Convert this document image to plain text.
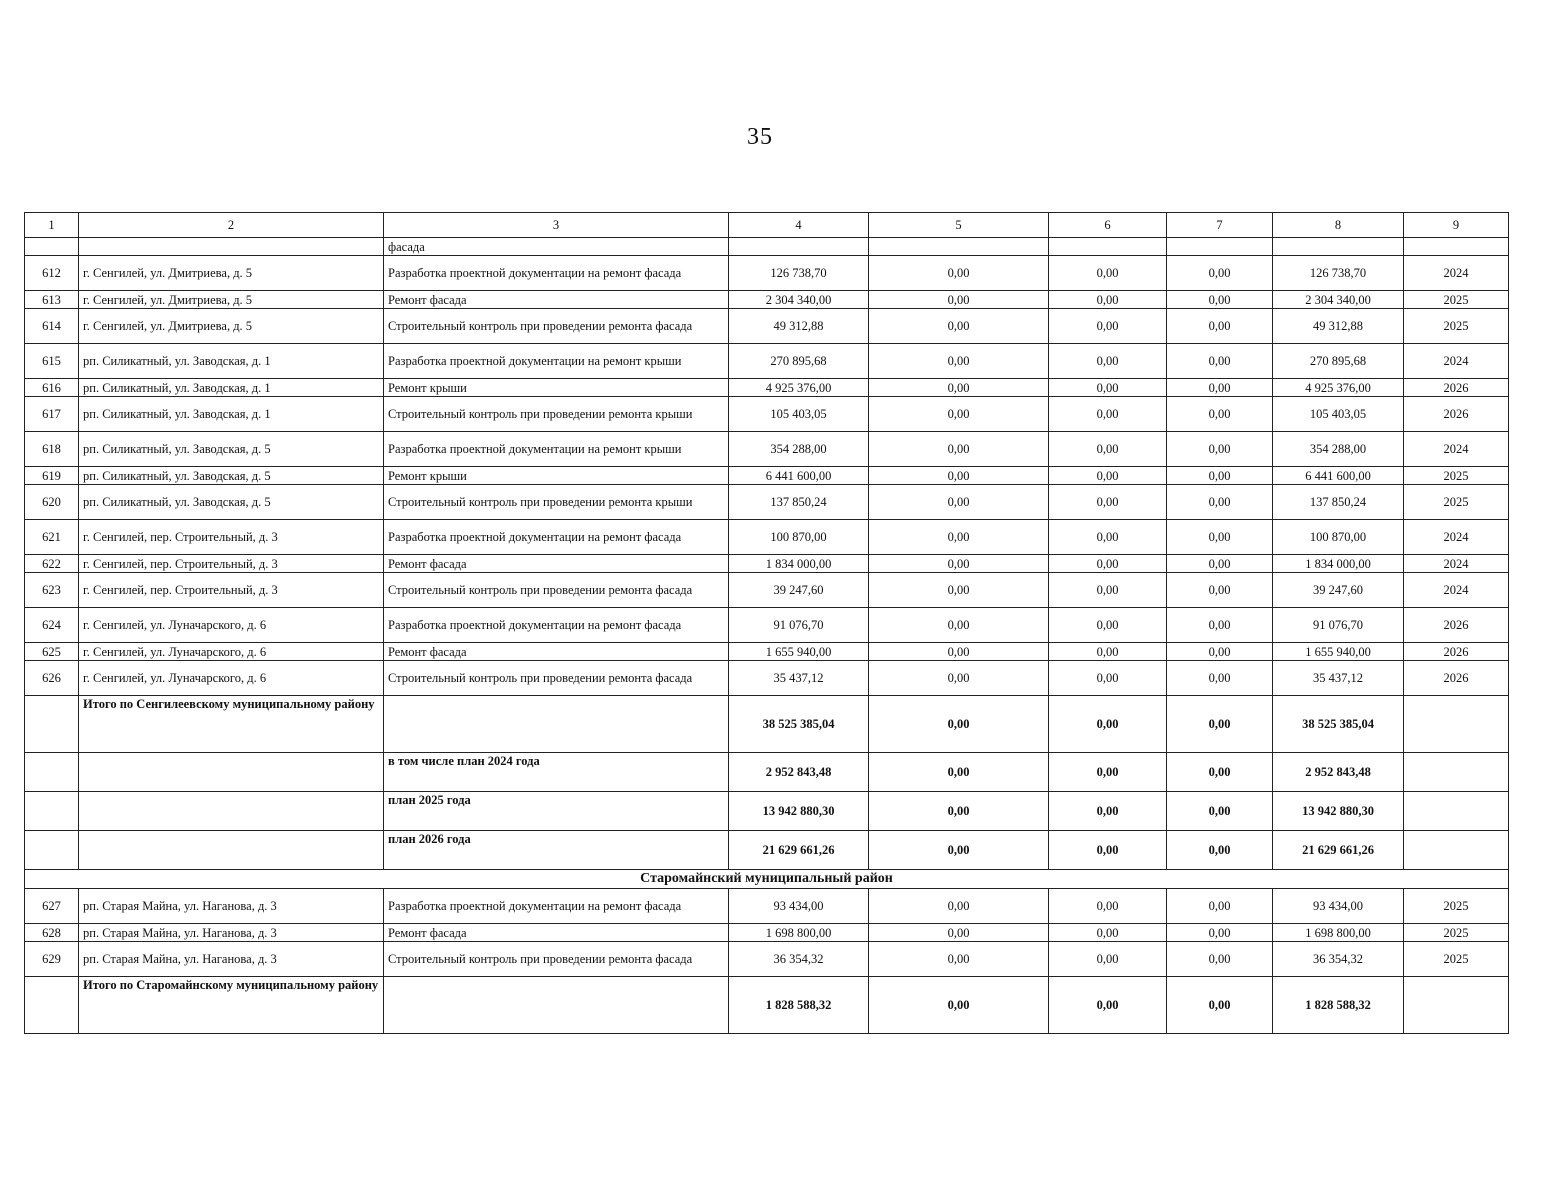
35
1	2	3	4	5	6	7	8	9
		фасада						
612	г. Сенгилей, ул. Дмитриева, д. 5	Разработка проектной документации на ремонт фасада	126 738,70	0,00	0,00	0,00	126 738,70	2024
613	г. Сенгилей, ул. Дмитриева, д. 5	Ремонт фасада	2 304 340,00	0,00	0,00	0,00	2 304 340,00	2025
614	г. Сенгилей, ул. Дмитриева, д. 5	Строительный контроль при проведении ремонта фасада	49 312,88	0,00	0,00	0,00	49 312,88	2025
615	рп. Силикатный, ул. Заводская, д. 1	Разработка проектной документации на ремонт крыши	270 895,68	0,00	0,00	0,00	270 895,68	2024
616	рп. Силикатный, ул. Заводская, д. 1	Ремонт крыши	4 925 376,00	0,00	0,00	0,00	4 925 376,00	2026
617	рп. Силикатный, ул. Заводская, д. 1	Строительный контроль при проведении ремонта крыши	105 403,05	0,00	0,00	0,00	105 403,05	2026
618	рп. Силикатный, ул. Заводская, д. 5	Разработка проектной документации на ремонт крыши	354 288,00	0,00	0,00	0,00	354 288,00	2024
619	рп. Силикатный, ул. Заводская, д. 5	Ремонт крыши	6 441 600,00	0,00	0,00	0,00	6 441 600,00	2025
620	рп. Силикатный, ул. Заводская, д. 5	Строительный контроль при проведении ремонта крыши	137 850,24	0,00	0,00	0,00	137 850,24	2025
621	г. Сенгилей, пер. Строительный, д. 3	Разработка проектной документации на ремонт фасада	100 870,00	0,00	0,00	0,00	100 870,00	2024
622	г. Сенгилей, пер. Строительный, д. 3	Ремонт фасада	1 834 000,00	0,00	0,00	0,00	1 834 000,00	2024
623	г. Сенгилей, пер. Строительный, д. 3	Строительный контроль при проведении ремонта фасада	39 247,60	0,00	0,00	0,00	39 247,60	2024
624	г. Сенгилей, ул. Луначарского, д. 6	Разработка проектной документации на ремонт фасада	91 076,70	0,00	0,00	0,00	91 076,70	2026
625	г. Сенгилей, ул. Луначарского, д. 6	Ремонт фасада	1 655 940,00	0,00	0,00	0,00	1 655 940,00	2026
626	г. Сенгилей, ул. Луначарского, д. 6	Строительный контроль при проведении ремонта фасада	35 437,12	0,00	0,00	0,00	35 437,12	2026
	Итого по Сенгилеевскому муниципальному району		38 525 385,04	0,00	0,00	0,00	38 525 385,04	
		в том числе план 2024 года	2 952 843,48	0,00	0,00	0,00	2 952 843,48	
		план 2025 года	13 942 880,30	0,00	0,00	0,00	13 942 880,30	
		план 2026 года	21 629 661,26	0,00	0,00	0,00	21 629 661,26	
Старомайнский муниципальный район								
627	рп. Старая Майна, ул. Наганова, д. 3	Разработка проектной документации на ремонт фасада	93 434,00	0,00	0,00	0,00	93 434,00	2025
628	рп. Старая Майна, ул. Наганова, д. 3	Ремонт фасада	1 698 800,00	0,00	0,00	0,00	1 698 800,00	2025
629	рп. Старая Майна, ул. Наганова, д. 3	Строительный контроль при проведении ремонта фасада	36 354,32	0,00	0,00	0,00	36 354,32	2025
	Итого по Старомайнскому муниципальному району		1 828 588,32	0,00	0,00	0,00	1 828 588,32	
